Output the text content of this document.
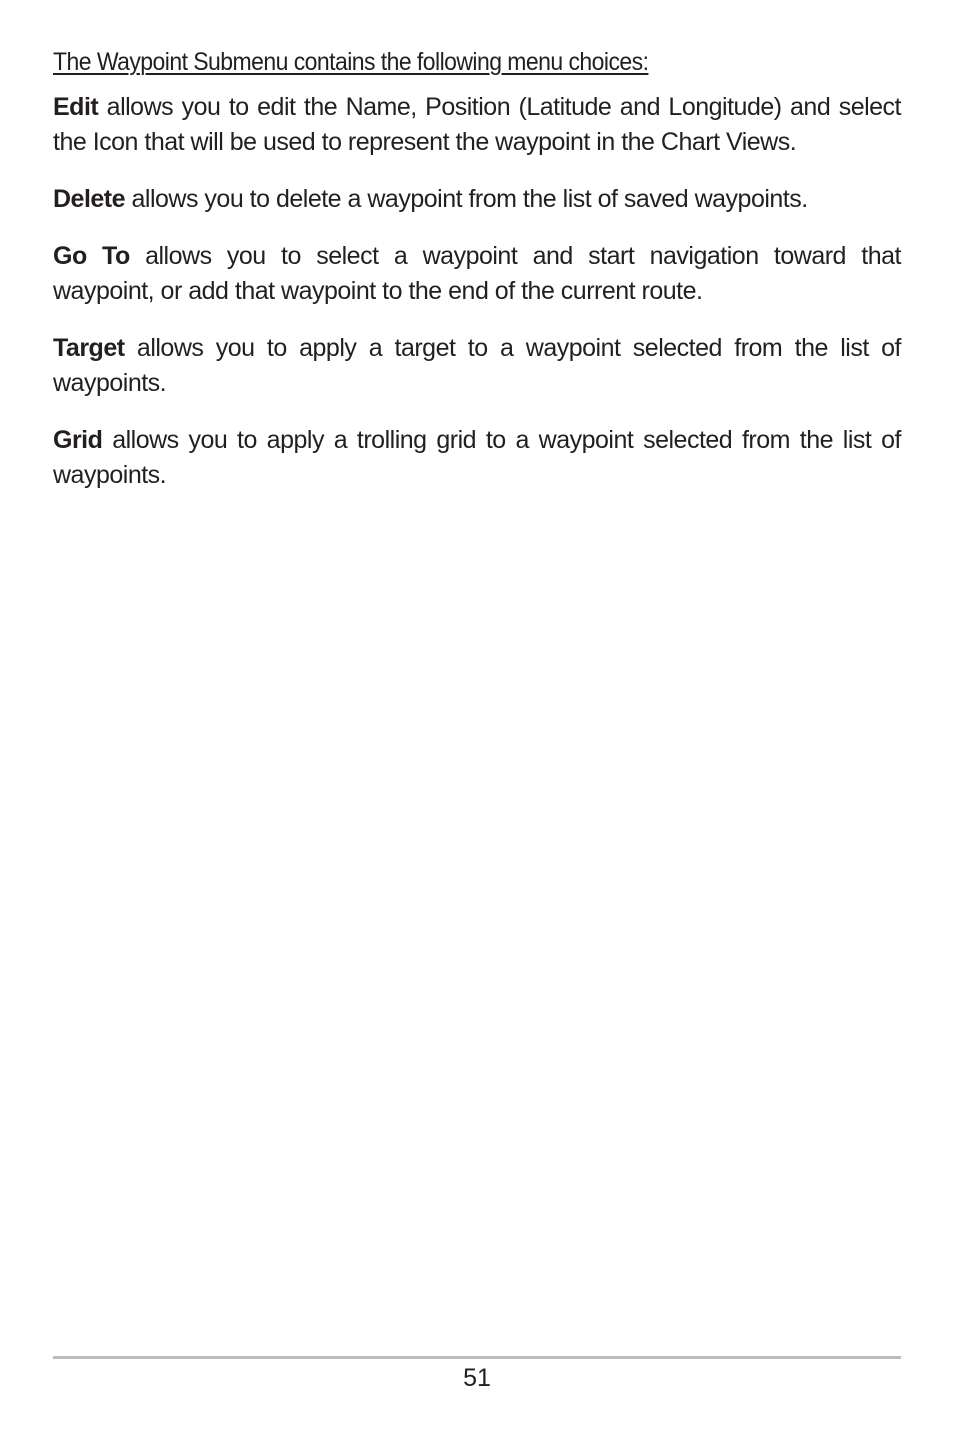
The Waypoint Submenu contains the following menu choices:

Edit allows you to edit the Name, Position (Latitude and Longitude) and select the Icon that will be used to represent the waypoint in the Chart Views.

Delete allows you to delete a waypoint from the list of saved waypoints.

Go To allows you to select a waypoint and start navigation toward that waypoint, or add that waypoint to the end of the current route.

Target allows you to apply a target to a waypoint selected from the list of waypoints.

Grid allows you to apply a trolling grid to a waypoint selected from the list of waypoints.

51
